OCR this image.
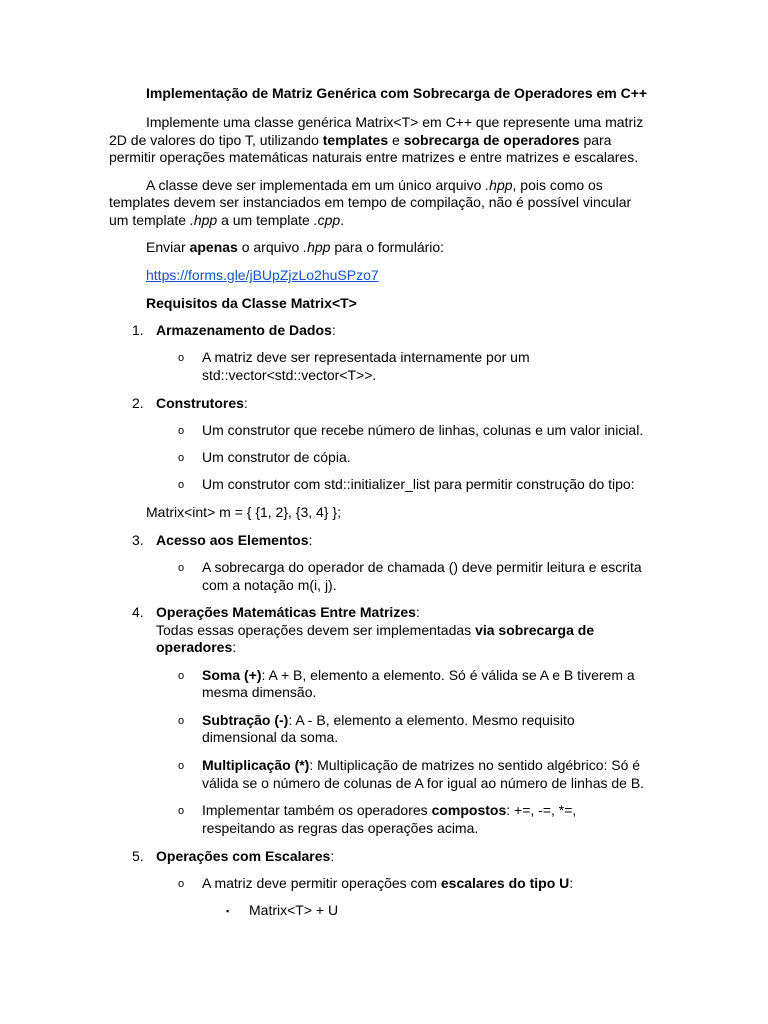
Implementação de Matriz Genérica com Sobrecarga de Operadores em C++
Implemente uma classe genérica Matrix<T> em C++ que represente uma matriz
2D de valores do tipo T, utilizando templates e sobrecarga de operadores para
permitir operações matemáticas naturais entre matrizes e entre matrizes e escalares.
A classe deve ser implementada em um único arquivo .hpp, pois como os
templates devem ser instanciados em tempo de compilação, não é possível vincular
um template .hpp a um template .cpp.
Enviar apenas o arquivo .hpp para o formulário:
https://forms.gle/jBUpZjzLo2huSPzo7
Requisitos da Classe Matrix<T>
1. Armazenamento de Dados:
o A matriz deve ser representada internamente por um
std::vector<std::vector<T>>.
2. Construtores:
o Um construtor que recebe número de linhas, colunas e um valor inicial.
o Um construtor de cópia.
o Um construtor com std::initializer_list para permitir construção do tipo:
Matrix<int> m = { {1, 2}, {3, 4} };
3. Acesso aos Elementos:
o A sobrecarga do operador de chamada () deve permitir leitura e escrita
com a notação m(i, j).
4. Operações Matemáticas Entre Matrizes:
Todas essas operações devem ser implementadas via sobrecarga de
operadores:
o Soma (+): A + B, elemento a elemento. Só é válida se A e B tiverem a
mesma dimensão.
o Subtração (-): A - B, elemento a elemento. Mesmo requisito
dimensional da soma.
o Multiplicação (*): Multiplicação de matrizes no sentido algébrico: Só é
válida se o número de colunas de A for igual ao número de linhas de B.
o Implementar também os operadores compostos: +=, -=, *=,
respeitando as regras das operações acima.
5. Operações com Escalares:
o A matriz deve permitir operações com escalares do tipo U:
▪ Matrix<T> + U
